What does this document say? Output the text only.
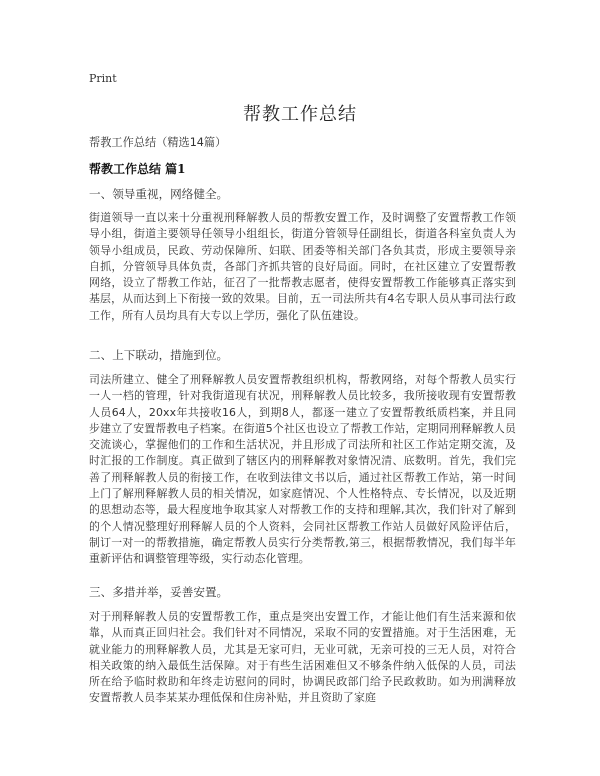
Print
帮教工作总结
帮教工作总结（精选14篇）
帮教工作总结 篇1
一、领导重视，网络健全。
街道领导一直以来十分重视刑释解教人员的帮教安置工作，及时调整了安置帮教工作领导小组，街道主要领导任领导小组组长，街道分管领导任副组长，街道各科室负责人为领导小组成员，民政、劳动保障所、妇联、团委等相关部门各负其责，形成主要领导亲自抓，分管领导具体负责，各部门齐抓共管的良好局面。同时，在社区建立了安置帮教网络，设立了帮教工作站，征召了一批帮教志愿者，使得安置帮教工作能够真正落实到基层，从而达到上下衔接一致的效果。目前，五一司法所共有4名专职人员从事司法行政工作，所有人员均具有大专以上学历，强化了队伍建设。
二、上下联动，措施到位。
司法所建立、健全了刑释解教人员安置帮教组织机构，帮教网络，对每个帮教人员实行一人一档的管理，针对我街道现有状况，刑释解教人员比较多，我所接收现有安置帮教人员64人，20xx年共接收16人，到期8人，都逐一建立了安置帮教纸质档案，并且同步建立了安置帮教电子档案。在街道5个社区也设立了帮教工作站，定期同刑释解教人员交流谈心，掌握他们的工作和生活状况，并且形成了司法所和社区工作站定期交流，及时汇报的工作制度。真正做到了辖区内的刑释解教对象情况清、底数明。首先，我们完善了刑释解教人员的衔接工作，在收到法律文书以后，通过社区帮教工作站，第一时间上门了解刑释解教人员的相关情况，如家庭情况、个人性格特点、专长情况，以及近期的思想动态等，最大程度地争取其家人对帮教工作的支持和理解,其次，我们针对了解到的个人情况整理好刑释解人员的个人资料，会同社区帮教工作站人员做好风险评估后，制订一对一的帮教措施，确定帮教人员实行分类帮教,第三，根据帮教情况，我们每半年重新评估和调整管理等级，实行动态化管理。
三、多措并举，妥善安置。
对于刑释解教人员的安置帮教工作，重点是突出安置工作，才能让他们有生活来源和依靠，从而真正回归社会。我们针对不同情况，采取不同的安置措施。对于生活困难，无就业能力的刑释解教人员，尤其是无家可归，无业可就，无亲可投的三无人员，对符合相关政策的纳入最低生活保障。对于有些生活困难但又不够条件纳入低保的人员，司法所在给予临时救助和年终走访慰问的同时，协调民政部门给予民政救助。如为刑满释放安置帮教人员李某某办理低保和住房补贴，并且资助了家庭
